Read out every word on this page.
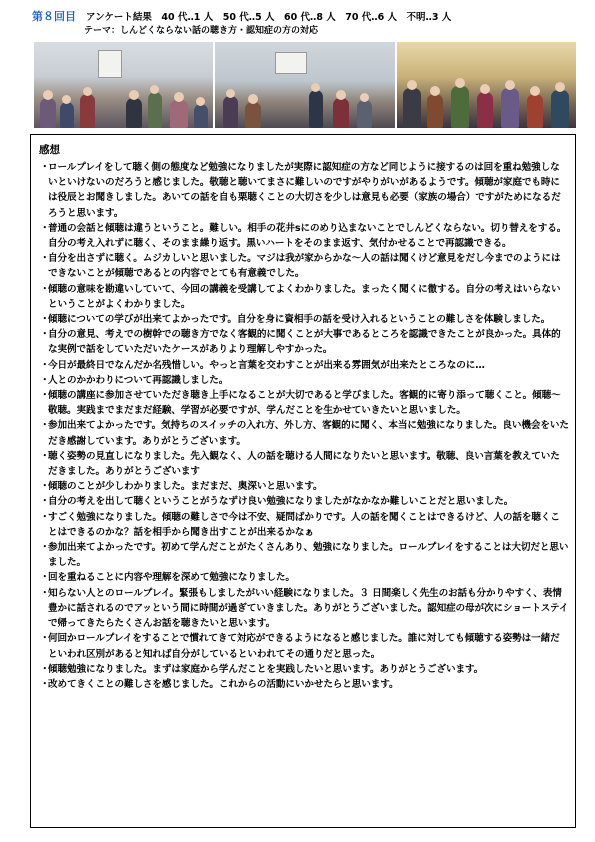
第８回目 アンケート結果　40 代‥1 人　50 代‥5 人　60 代‥8 人　70 代‥6 人　不明‥3 人
テーマ：しんどくならない話の聴き方・認知症の方の対応
感想
・ロールプレイをして聴く側の態度など勉強になりましたが実際に認知症の方など同じように接するのは回を重ね勉強しないといけないのだろうと感じました。敬聴と聴いてまさに難しいのですがやりがいがあるようです。傾聴が家庭でも時には役辰とお聞きしました。あいての話を自も栗聴くことの大切さを少しは意見も必要（家族の場合）ですがためになるだろうと思います。
・普通の会話と傾聴は違うということ。難しい。相手の花井sにのめり込まないことでしんどくならない。切り替えをする。自分の考え入れずに聴く、そのまま繰り返す。黒いハートをそのまま返す、気付かせることで再認識できる。
・自分を出さずに聴く。ムジカしいと思いました。マジは我が家からかな～人の話は聞くけど意見をだし今までのようにはできないことが傾聴であるとの内容でとても有意義でした。
・傾聴の意味を勘違いしていて、今回の講義を受講してよくわかりました。まったく聞くに徹する。自分の考えはいらないということがよくわかりました。
・傾聴についての学びが出来てよかったです。自分を身に資相手の話を受け入れるということの難しさを体験しました。
・自分の意見、考えでの樹幹での聴き方でなく客観的に聞くことが大事であるところを認識できたことが良かった。具体的な実例で話をしていただいたケースがありより理解しやすかった。
・今日が最終日でなんだか名残惜しい。やっと言葉を交わすことが出来る雰囲気が出来たところなのに…
・人とのかかわりについて再認識しました。
・傾聴の講座に参加させていただき聴き上手になることが大切であると学びました。客観的に寄り添って聴くこと。傾聴～敬聴。実践までまだまだ経験、学習が必要ですが、学んだことを生かせていきたいと思いました。
・参加出来てよかったです。気持ちのスイッチの入れ方、外し方、客観的に聞く、本当に勉強になりました。良い機会をいただき感謝しています。ありがとうございます。
・聴く姿勢の見直しになりました。先入観なく、人の話を聴ける人間になりたいと思います。敬聴、良い言葉を教えていただきました。ありがとうございます
・傾聴のことが少しわかりました。まだまだ、奥深いと思います。
・自分の考えを出して聴くということがうなずけ良い勉強になりましたがなかなか難しいことだと思いました。
・すごく勉強になりました。傾聴の難しさで今は不安、疑問ばかりです。人の話を聞くことはできるけど、人の話を聴くことはできるのかな？話を相手から聞き出すことが出来るかなぁ
・参加出来てよかったです。初めて学んだことがたくさんあり、勉強になりました。ロールプレイをすることは大切だと思いました。
・回を重ねることに内容や理解を深めて勉強になりました。
・知らない人とのロールプレイ。緊張もしましたがいい経験になりました。３ 日間楽しく先生のお話も分かりやすく、表情豊かに話されるのでアッという間に時間が過ぎていきました。ありがとうございました。認知症の母が次にショートステイで帰ってきたらたくさんお話を聴きたいと思います。
・何回かロールプレイをすることで慣れてきて対応ができるようになると感じました。誰に対しても傾聴する姿勢は一緒だといわれ区別があると知れば自分がしているといわれてその通りだと思った。
・傾聴勉強になりました。まずは家庭から学んだことを実践したいと思います。ありがとうございます。
・改めてきくことの難しさを感じました。これからの活動にいかせたらと思います。
